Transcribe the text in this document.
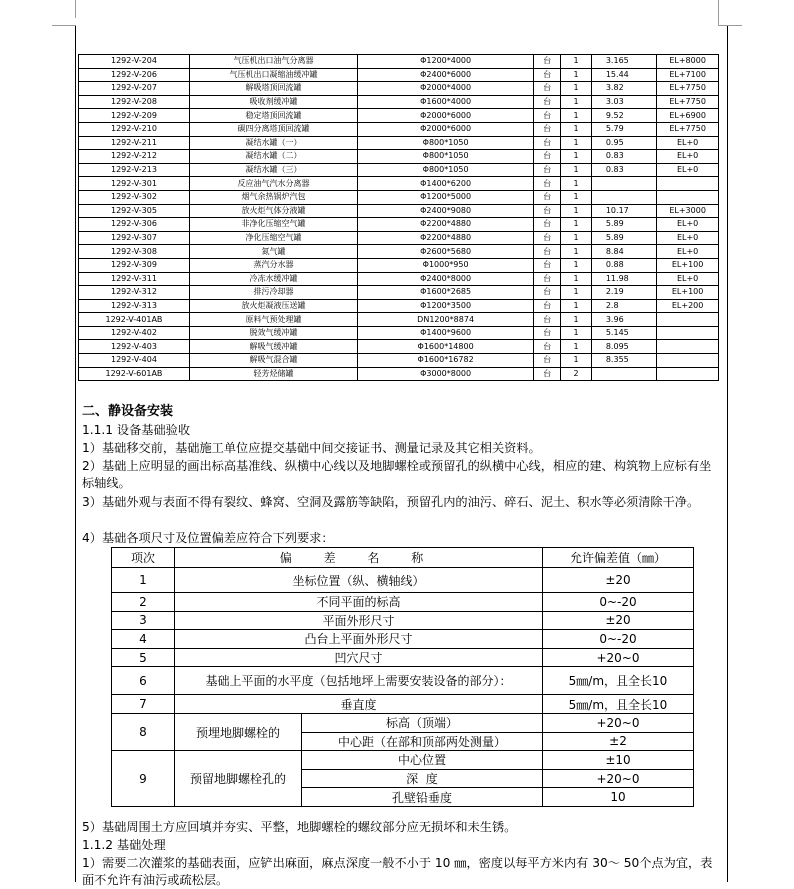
1292-V-204	气压机出口油气分离器	Φ1200*4000	台	1	3.165	EL+8000
1292-V-206	气压机出口凝缩油缓冲罐	Φ2400*6000	台	1	15.44	EL+7100
1292-V-207	解吸塔顶回流罐	Φ2000*4000	台	1	3.82	EL+7750
1292-V-208	吸收剂缓冲罐	Φ1600*4000	台	1	3.03	EL+7750
1292-V-209	稳定塔顶回流罐	Φ2000*6000	台	1	9.52	EL+6900
1292-V-210	碳四分离塔顶回流罐	Φ2000*6000	台	1	5.79	EL+7750
1292-V-211	凝结水罐（一）	Φ800*1050	台	1	0.95	EL+0
1292-V-212	凝结水罐（二）	Φ800*1050	台	1	0.83	EL+0
1292-V-213	凝结水罐（三）	Φ800*1050	台	1	0.83	EL+0
1292-V-301	反应油气汽水分离器	Φ1400*6200	台	1		
1292-V-302	烟气余热锅炉汽包	Φ1200*5000	台	1		
1292-V-305	放火炬气体分液罐	Φ2400*9080	台	1	10.17	EL+3000
1292-V-306	非净化压缩空气罐	Φ2200*4880	台	1	5.89	EL+0
1292-V-307	净化压缩空气罐	Φ2200*4880	台	1	5.89	EL+0
1292-V-308	氮气罐	Φ2600*5680	台	1	8.84	EL+0
1292-V-309	蒸汽分水器	Φ1000*950	台	1	0.88	EL+100
1292-V-311	冷冻水缓冲罐	Φ2400*8000	台	1	11.98	EL+0
1292-V-312	排污冷却器	Φ1600*2685	台	1	2.19	EL+100
1292-V-313	放火炬凝液压送罐	Φ1200*3500	台	1	2.8	EL+200
1292-V-401AB	原料气预处理罐	DN1200*8874	台	1	3.96	
1292-V-402	脱效气缓冲罐	Φ1400*9600	台	1	5.145	
1292-V-403	解吸气缓冲罐	Φ1600*14800	台	1	8.095	
1292-V-404	解吸气混合罐	Φ1600*16782	台	1	8.355	
1292-V-601AB	轻芳烃储罐	Φ3000*8000	台	2		
二、静设备安装
1.1.1 设备基础验收
1）基础移交前，基础施工单位应提交基础中间交接证书、测量记录及其它相关资料。
2）基础上应明显的画出标高基准线、纵横中心线以及地脚螺栓或预留孔的纵横中心线，相应的建、构筑物上应标有坐标轴线。
3）基础外观与表面不得有裂纹、蜂窝、空洞及露筋等缺陷，预留孔内的油污、碎石、泥土、积水等必须清除干净。
4）基础各项尺寸及位置偏差应符合下列要求：
项次	偏 差 名 称		允许偏差值（㎜）
1	坐标位置（纵、横轴线）		±20
2	不同平面的标高		0~-20
3	平面外形尺寸		±20
4	凸台上平面外形尺寸		0~-20
5	凹穴尺寸		+20~0
6	基础上平面的水平度（包括地坪上需要安装设备的部分）：		5㎜/m，且全长10
7	垂直度		5㎜/m，且全长10
8	预埋地脚螺栓的	标高（顶端）	+20~0
		中心距（在部和顶部两处测量）	±2
9	预留地脚螺栓孔的	中心位置	±10
		深  度	+20~0
		孔壁铅垂度	10
5）基础周围土方应回填并夯实、平整，地脚螺栓的螺纹部分应无损坏和未生锈。
1.1.2 基础处理
1）需要二次灌浆的基础表面，应铲出麻面，麻点深度一般不小于 10 ㎜，密度以每平方米内有 30～ 50个点为宜，表面不允许有油污或疏松层。
